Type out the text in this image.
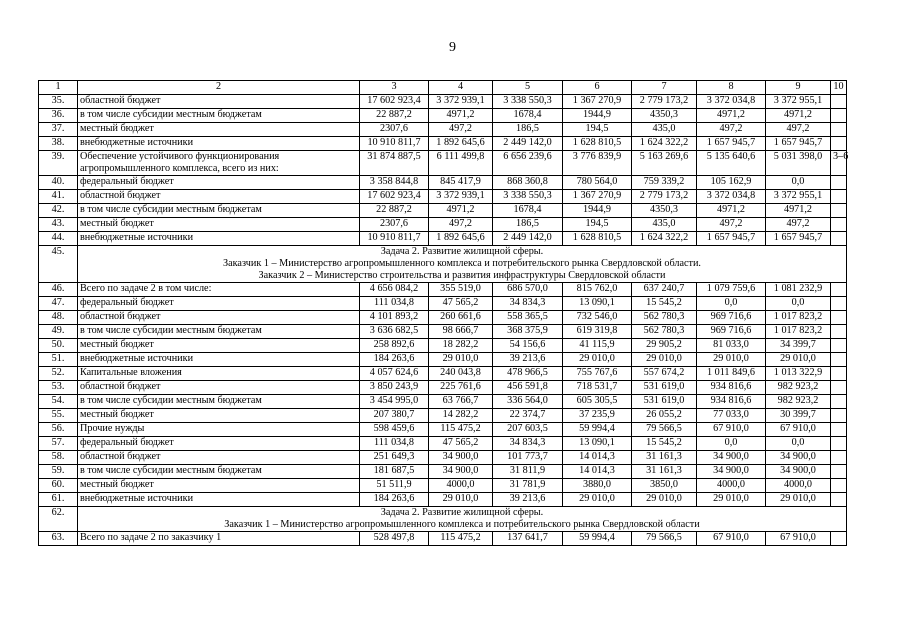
9
1	2	3	4	5	6	7	8	9	10
35.	областной бюджет	17 602 923,4	3 372 939,1	3 338 550,3	1 367 270,9	2 779 173,2	3 372 034,8	3 372 955,1	
36.	в том числе субсидии местным бюджетам	22 887,2	4971,2	1678,4	1944,9	4350,3	4971,2	4971,2	
37.	местный бюджет	2307,6	497,2	186,5	194,5	435,0	497,2	497,2	
38.	внебюджетные источники	10 910 811,7	1 892 645,6	2 449 142,0	1 628 810,5	1 624 322,2	1 657 945,7	1 657 945,7	
39.	Обеспечение устойчивого функционирования агропромышленного комплекса, всего из них:	31 874 887,5	6 111 499,8	6 656 239,6	3 776 839,9	5 163 269,6	5 135 640,6	5 031 398,0	3–6
40.	федеральный бюджет	3 358 844,8	845 417,9	868 360,8	780 564,0	759 339,2	105 162,9	0,0	
41.	областной бюджет	17 602 923,4	3 372 939,1	3 338 550,3	1 367 270,9	2 779 173,2	3 372 034,8	3 372 955,1	
42.	в том числе субсидии местным бюджетам	22 887,2	4971,2	1678,4	1944,9	4350,3	4971,2	4971,2	
43.	местный бюджет	2307,6	497,2	186,5	194,5	435,0	497,2	497,2	
44.	внебюджетные источники	10 910 811,7	1 892 645,6	2 449 142,0	1 628 810,5	1 624 322,2	1 657 945,7	1 657 945,7	
45.	Задача 2. Развитие жилищной сферы.
Заказчик 1 – Министерство агропромышленного комплекса и потребительского рынка Свердловской области.
Заказчик 2 – Министерство строительства и развития инфраструктуры Свердловской области								

46.	Всего по задаче 2 в том числе:	4 656 084,2	355 519,0	686 570,0	815 762,0	637 240,7	1 079 759,6	1 081 232,9	
47.	федеральный бюджет	111 034,8	47 565,2	34 834,3	13 090,1	15 545,2	0,0	0,0	
48.	областной бюджет	4 101 893,2	260 661,6	558 365,5	732 546,0	562 780,3	969 716,6	1 017 823,2	
49.	в том числе субсидии местным бюджетам	3 636 682,5	98 666,7	368 375,9	619 319,8	562 780,3	969 716,6	1 017 823,2	
50.	местный бюджет	258 892,6	18 282,2	54 156,6	41 115,9	29 905,2	81 033,0	34 399,7	
51.	внебюджетные источники	184 263,6	29 010,0	39 213,6	29 010,0	29 010,0	29 010,0	29 010,0	
52.	Капитальные вложения	4 057 624,6	240 043,8	478 966,5	755 767,6	557 674,2	1 011 849,6	1 013 322,9	
53.	областной бюджет	3 850 243,9	225 761,6	456 591,8	718 531,7	531 619,0	934 816,6	982 923,2	
54.	в том числе субсидии местным бюджетам	3 454 995,0	63 766,7	336 564,0	605 305,5	531 619,0	934 816,6	982 923,2	
55.	местный бюджет	207 380,7	14 282,2	22 374,7	37 235,9	26 055,2	77 033,0	30 399,7	
56.	Прочие нужды	598 459,6	115 475,2	207 603,5	59 994,4	79 566,5	67 910,0	67 910,0	
57.	федеральный бюджет	111 034,8	47 565,2	34 834,3	13 090,1	15 545,2	0,0	0,0	
58.	областной бюджет	251 649,3	34 900,0	101 773,7	14 014,3	31 161,3	34 900,0	34 900,0	
59.	в том числе субсидии местным бюджетам	181 687,5	34 900,0	31 811,9	14 014,3	31 161,3	34 900,0	34 900,0	
60.	местный бюджет	51 511,9	4000,0	31 781,9	3880,0	3850,0	4000,0	4000,0	
61.	внебюджетные источники	184 263,6	29 010,0	39 213,6	29 010,0	29 010,0	29 010,0	29 010,0	
62.	Задача 2. Развитие жилищной сферы.
Заказчик 1 – Министерство агропромышленного комплекса и потребительского рынка Свердловской области								

63.	Всего по задаче 2 по заказчику 1	528 497,8	115 475,2	137 641,7	59 994,4	79 566,5	67 910,0	67 910,0	
